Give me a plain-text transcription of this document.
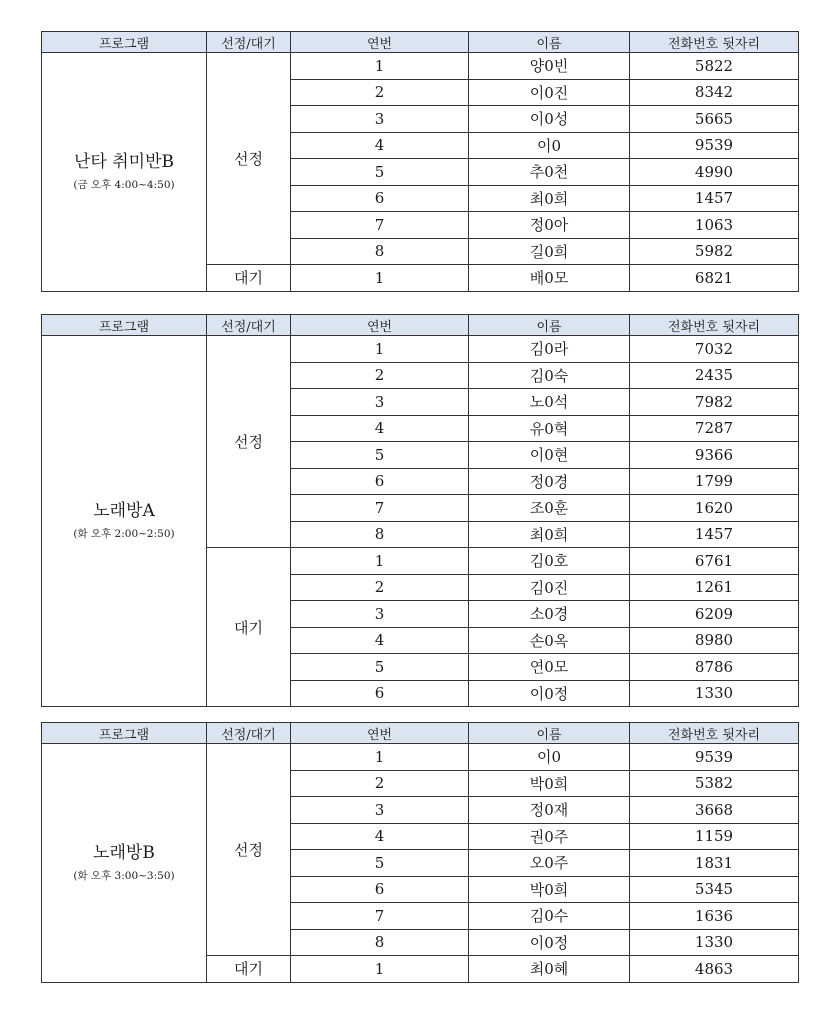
프로그램	선정/대기	연번	이름	전화번호 뒷자리

난타 취미반B
(금 오후 4:00~4:50)	선정	1	양0빈	5822
		2	이0진	8342
		3	이0성	5665
		4	이0	9539
		5	추0천	4990
		6	최0희	1457
		7	정0아	1063
		8	길0희	5982
	대기	1	배0모	6821
프로그램	선정/대기	연번	이름	전화번호 뒷자리

노래방A
(화 오후 2:00~2:50)	선정	1	김0라	7032
		2	김0숙	2435
		3	노0석	7982
		4	유0혁	7287
		5	이0현	9366
		6	정0경	1799
		7	조0훈	1620
		8	최0희	1457
	대기	1	김0호	6761
		2	김0진	1261
		3	소0경	6209
		4	손0옥	8980
		5	연0모	8786
		6	이0정	1330
프로그램	선정/대기	연번	이름	전화번호 뒷자리

노래방B
(화 오후 3:00~3:50)	선정	1	이0	9539
		2	박0희	5382
		3	정0재	3668
		4	권0주	1159
		5	오0주	1831
		6	박0희	5345
		7	김0수	1636
		8	이0정	1330
	대기	1	최0혜	4863
